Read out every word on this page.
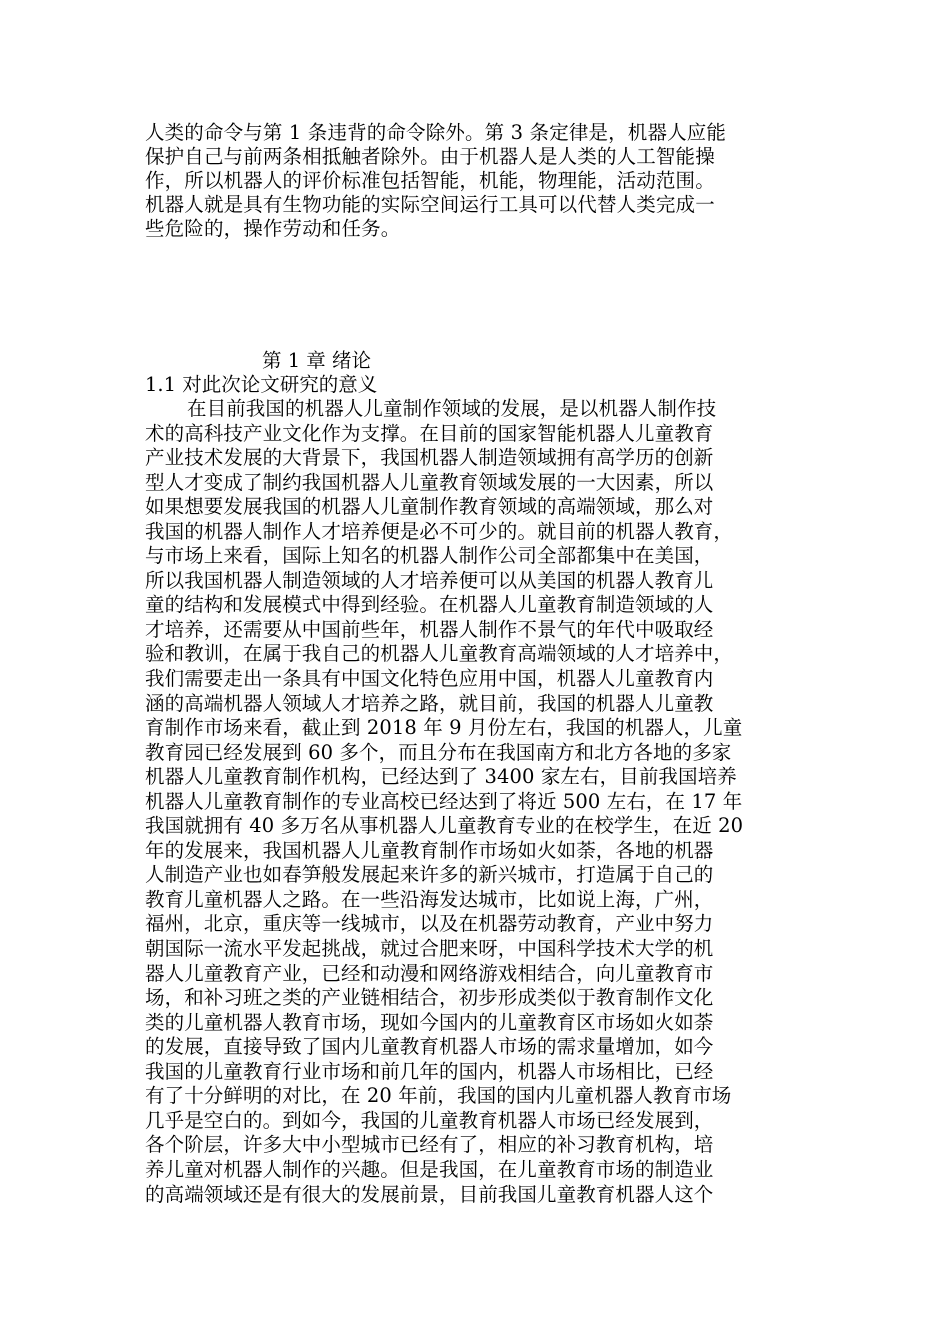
人类的命令与第 1 条违背的命令除外。第 3 条定律是，机器人应能
保护自己与前两条相抵触者除外。由于机器人是人类的人工智能操
作，所以机器人的评价标准包括智能，机能，物理能，活动范围。
机器人就是具有生物功能的实际空间运行工具可以代替人类完成一
些危险的，操作劳动和任务。
第 1 章 绪论
1.1 对此次论文研究的意义
在目前我国的机器人儿童制作领域的发展，是以机器人制作技
术的高科技产业文化作为支撑。在目前的国家智能机器人儿童教育
产业技术发展的大背景下，我国机器人制造领域拥有高学历的创新
型人才变成了制约我国机器人儿童教育领域发展的一大因素，所以
如果想要发展我国的机器人儿童制作教育领域的高端领域，那么对
我国的机器人制作人才培养便是必不可少的。就目前的机器人教育，
与市场上来看，国际上知名的机器人制作公司全部都集中在美国，
所以我国机器人制造领域的人才培养便可以从美国的机器人教育儿
童的结构和发展模式中得到经验。在机器人儿童教育制造领域的人
才培养，还需要从中国前些年，机器人制作不景气的年代中吸取经
验和教训，在属于我自己的机器人儿童教育高端领域的人才培养中，
我们需要走出一条具有中国文化特色应用中国，机器人儿童教育内
涵的高端机器人领域人才培养之路，就目前，我国的机器人儿童教
育制作市场来看，截止到 2018 年 9 月份左右，我国的机器人，儿童
教育园已经发展到 60 多个，而且分布在我国南方和北方各地的多家
机器人儿童教育制作机构，已经达到了 3400 家左右，目前我国培养
机器人儿童教育制作的专业高校已经达到了将近 500 左右，在 17 年
我国就拥有 40 多万名从事机器人儿童教育专业的在校学生，在近 20
年的发展来，我国机器人儿童教育制作市场如火如荼，各地的机器
人制造产业也如春笋般发展起来许多的新兴城市，打造属于自己的
教育儿童机器人之路。在一些沿海发达城市，比如说上海，广州，
福州，北京，重庆等一线城市，以及在机器劳动教育，产业中努力
朝国际一流水平发起挑战，就过合肥来呀，中国科学技术大学的机
器人儿童教育产业，已经和动漫和网络游戏相结合，向儿童教育市
场，和补习班之类的产业链相结合，初步形成类似于教育制作文化
类的儿童机器人教育市场，现如今国内的儿童教育区市场如火如荼
的发展，直接导致了国内儿童教育机器人市场的需求量增加，如今
我国的儿童教育行业市场和前几年的国内，机器人市场相比，已经
有了十分鲜明的对比，在 20 年前，我国的国内儿童机器人教育市场
几乎是空白的。到如今，我国的儿童教育机器人市场已经发展到，
各个阶层，许多大中小型城市已经有了，相应的补习教育机构，培
养儿童对机器人制作的兴趣。但是我国，在儿童教育市场的制造业
的高端领域还是有很大的发展前景，目前我国儿童教育机器人这个
